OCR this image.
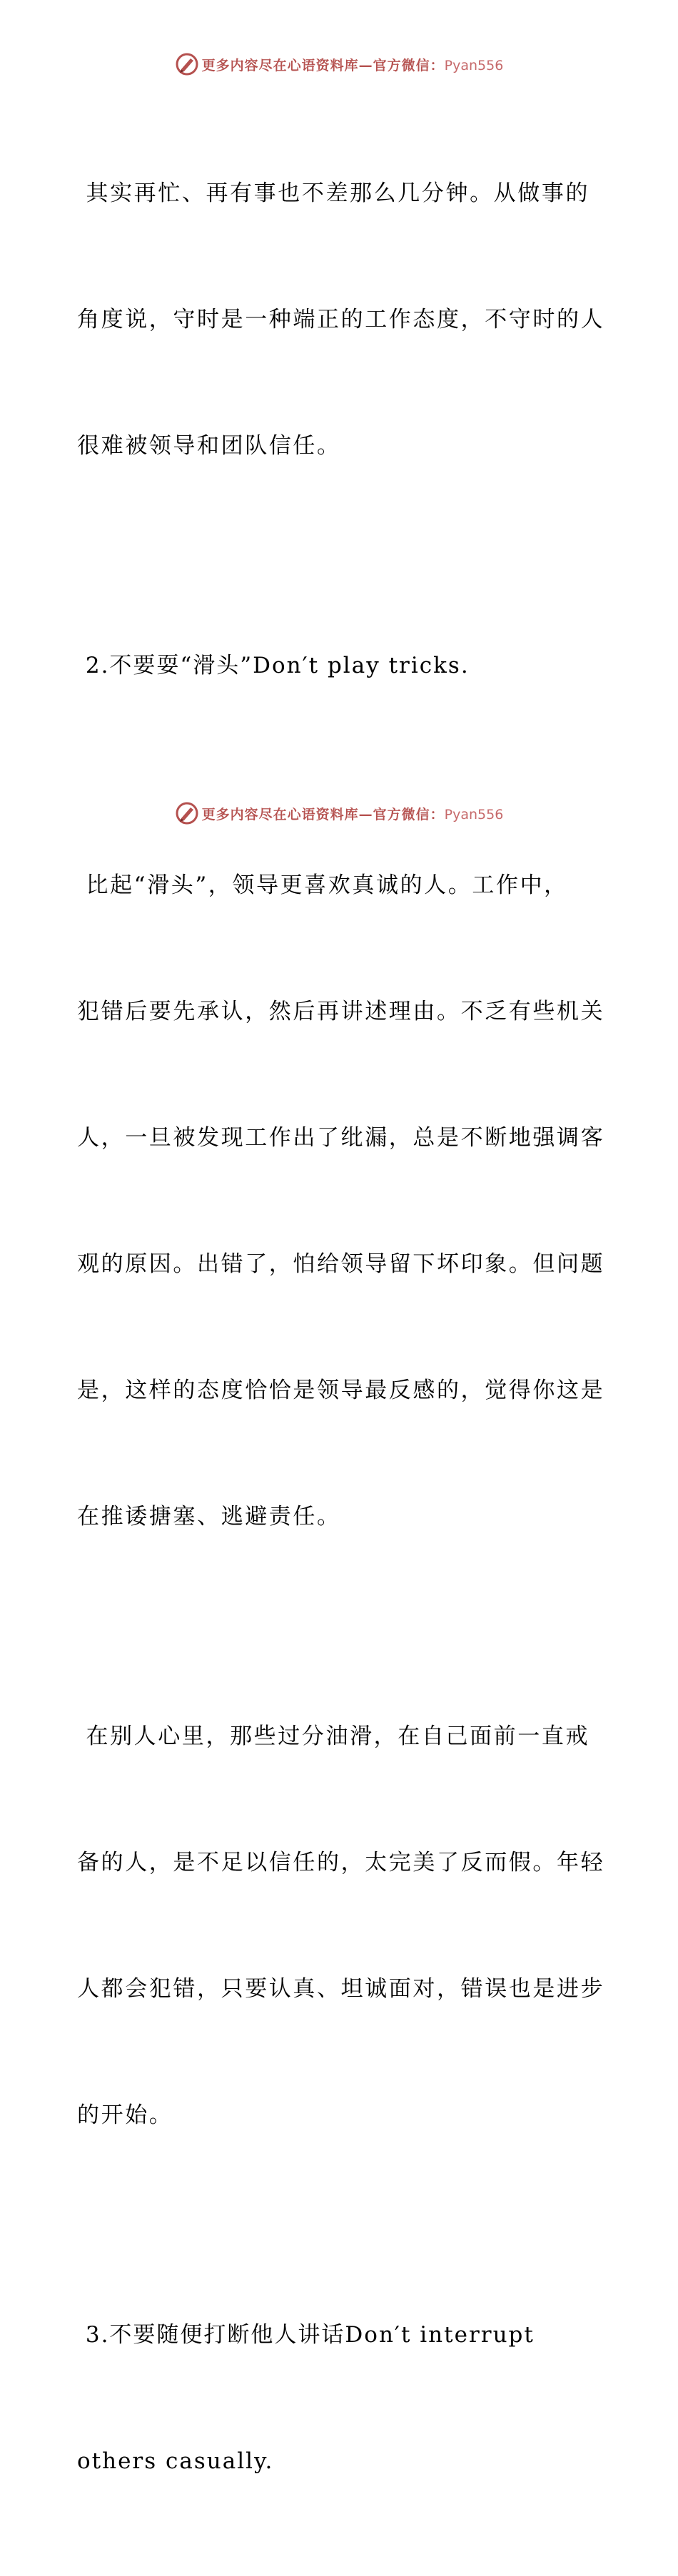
更多内容尽在心语资料库—官方微信：Pyan556

其实再忙、再有事也不差那么几分钟。从做事的

角度说，守时是一种端正的工作态度，不守时的人

很难被领导和团队信任。

2.不要耍“滑头”Don′t play tricks.

比起“滑头”，领导更喜欢真诚的人。工作中，

犯错后要先承认，然后再讲述理由。不乏有些机关

人，一旦被发现工作出了纰漏，总是不断地强调客

观的原因。出错了，怕给领导留下坏印象。但问题

是，这样的态度恰恰是领导最反感的，觉得你这是

在推诿搪塞、逃避责任。

在别人心里，那些过分油滑，在自己面前一直戒

备的人，是不足以信任的，太完美了反而假。年轻

人都会犯错，只要认真、坦诚面对，错误也是进步

的开始。

3.不要随便打断他人讲话Don′t interrupt

others casually.

更多内容尽在心语资料库—官方微信：Pyan556
